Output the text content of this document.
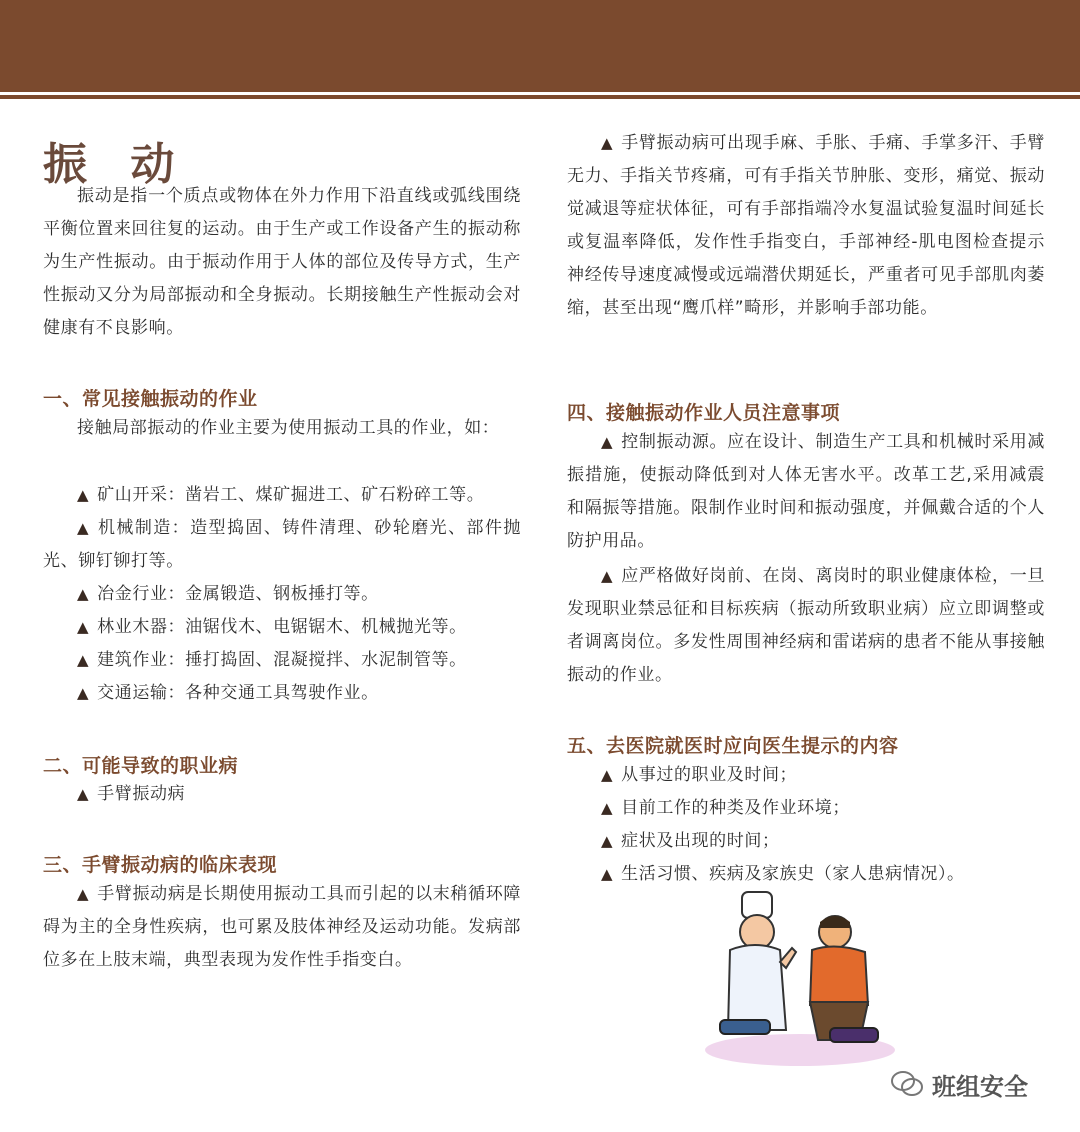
振 动

振动是指一个质点或物体在外力作用下沿直线或弧线围绕平衡位置来回往复的运动。由于生产或工作设备产生的振动称为生产性振动。由于振动作用于人体的部位及传导方式，生产性振动又分为局部振动和全身振动。长期接触生产性振动会对健康有不良影响。

一、常见接触振动的作业

接触局部振动的作业主要为使用振动工具的作业，如：

▲ 矿山开采：凿岩工、煤矿掘进工、矿石粉碎工等。
▲ 机械制造：造型捣固、铸件清理、砂轮磨光、部件抛光、铆钉铆打等。
▲ 冶金行业：金属锻造、钢板捶打等。
▲ 林业木器：油锯伐木、电锯锯木、机械抛光等。
▲ 建筑作业：捶打捣固、混凝搅拌、水泥制管等。
▲ 交通运输：各种交通工具驾驶作业。
二、可能导致的职业病
▲ 手臂振动病
三、手臂振动病的临床表现

▲ 手臂振动病是长期使用振动工具而引起的以末稍循环障碍为主的全身性疾病，也可累及肢体神经及运动功能。发病部位多在上肢末端，典型表现为发作性手指变白。

▲ 手臂振动病可出现手麻、手胀、手痛、手掌多汗、手臂无力、手指关节疼痛，可有手指关节肿胀、变形，痛觉、振动觉减退等症状体征，可有手部指端冷水复温试验复温时间延长或复温率降低，发作性手指变白，手部神经-肌电图检查提示神经传导速度减慢或远端潜伏期延长，严重者可见手部肌肉萎缩，甚至出现“鹰爪样”畸形，并影响手部功能。

四、接触振动作业人员注意事项

▲ 控制振动源。应在设计、制造生产工具和机械时采用减振措施，使振动降低到对人体无害水平。改革工艺,采用减震和隔振等措施。限制作业时间和振动强度，并佩戴合适的个人防护用品。

▲ 应严格做好岗前、在岗、离岗时的职业健康体检，一旦发现职业禁忌征和目标疾病（振动所致职业病）应立即调整或者调离岗位。多发性周围神经病和雷诺病的患者不能从事接触振动的作业。

五、去医院就医时应向医生提示的内容
▲ 从事过的职业及时间；
▲ 目前工作的种类及作业环境；
▲ 症状及出现的时间；
▲ 生活习惯、疾病及家族史（家人患病情况）。
班组安全
